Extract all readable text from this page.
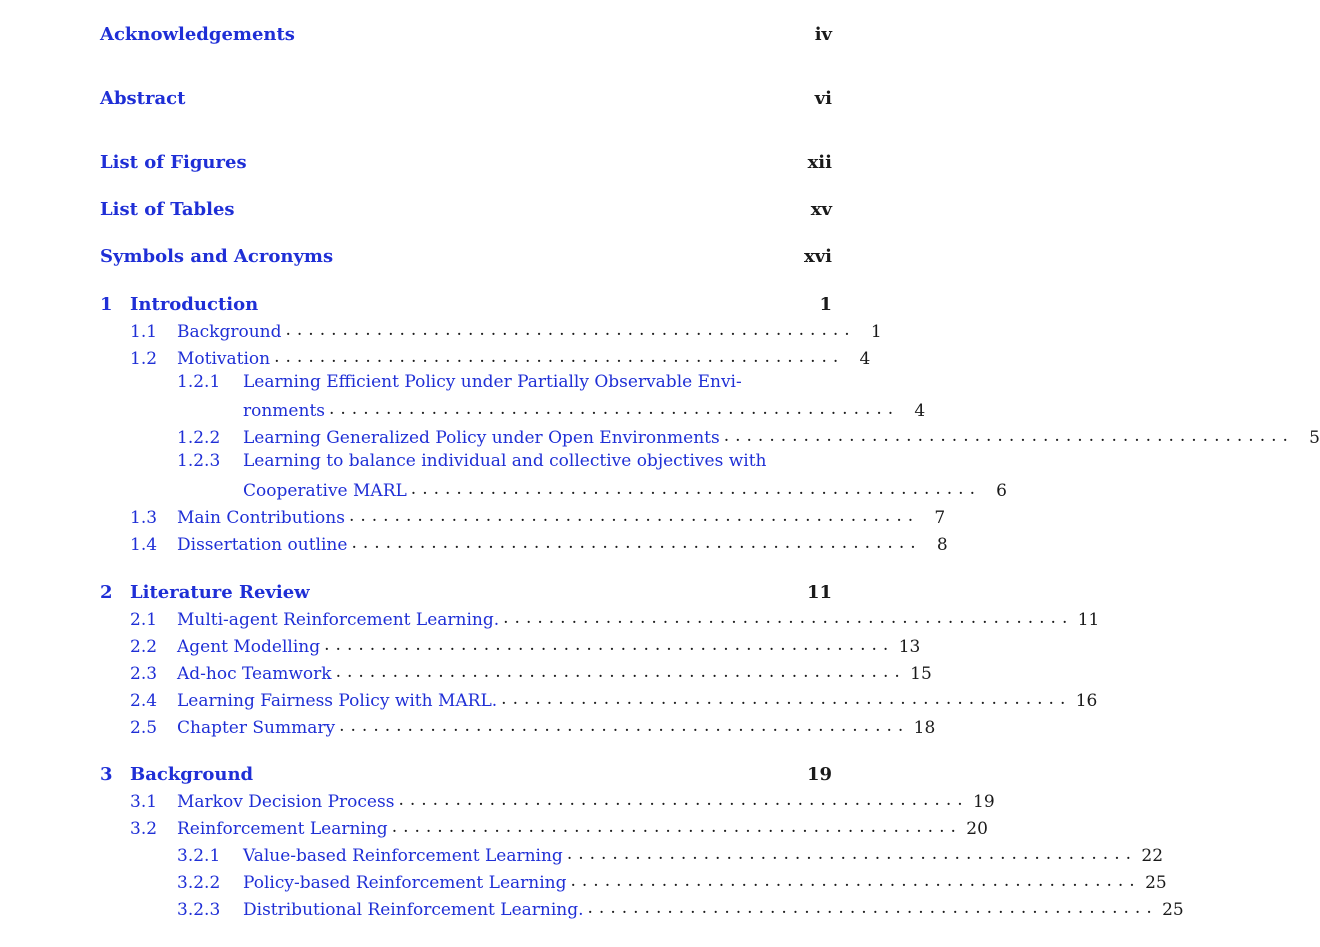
Acknowledgements	iv
Abstract	vi
List of Figures	xii
List of Tables	xv
Symbols and Acronyms	xvi
1 Introduction	1
1.1	Background .................................................. 1
1.2	Motivation .................................................. 4
1.2.1 Learning Efficient Policy under Partially Observable Envi-
ronments .................................................. 4
1.2.2	Learning Generalized Policy under Open Environments .................................................. 5
1.2.3 Learning to balance individual and collective objectives with
Cooperative MARL .................................................. 6
1.3	Main Contributions .................................................. 7
1.4	Dissertation outline .................................................. 8
2 Literature Review	11
2.1	Multi-agent Reinforcement Learning. .................................................. 11
2.2	Agent Modelling .................................................. 13
2.3	Ad-hoc Teamwork .................................................. 15
2.4	Learning Fairness Policy with MARL. .................................................. 16
2.5	Chapter Summary .................................................. 18
3 Background	19
3.1	Markov Decision Process .................................................. 19
3.2	Reinforcement Learning .................................................. 20
3.2.1	Value-based Reinforcement Learning .................................................. 22
3.2.2	Policy-based Reinforcement Learning .................................................. 25
3.2.3	Distributional Reinforcement Learning. .................................................. 25
